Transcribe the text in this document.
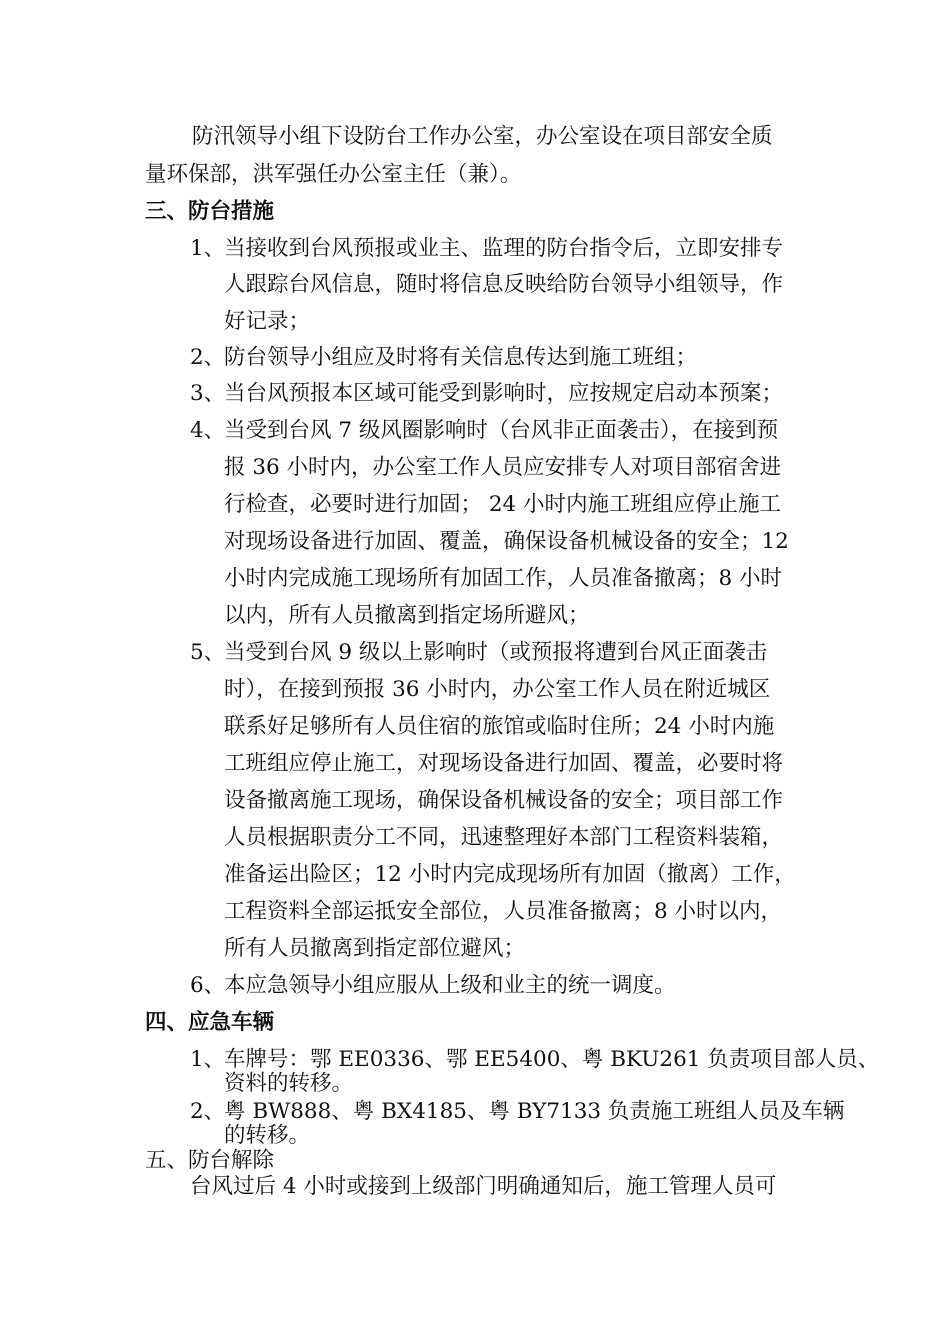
防汛领导小组下设防台工作办公室，办公室设在项目部安全质
量环保部，洪军强任办公室主任（兼）。
三、防台措施
1、
当接收到台风预报或业主、监理的防台指令后，立即安排专
人跟踪台风信息，随时将信息反映给防台领导小组领导，作
好记录；
2、
防台领导小组应及时将有关信息传达到施工班组；
3、
当台风预报本区域可能受到影响时，应按规定启动本预案；
4、
当受到台风 7 级风圈影响时（台风非正面袭击），在接到预
报 36 小时内，办公室工作人员应安排专人对项目部宿舍进
行检查，必要时进行加固； 24 小时内施工班组应停止施工
对现场设备进行加固、覆盖，确保设备机械设备的安全；12
小时内完成施工现场所有加固工作，人员准备撤离；8 小时
以内，所有人员撤离到指定场所避风；
5、
当受到台风 9 级以上影响时（或预报将遭到台风正面袭击
时），在接到预报 36 小时内，办公室工作人员在附近城区
联系好足够所有人员住宿的旅馆或临时住所；24 小时内施
工班组应停止施工，对现场设备进行加固、覆盖，必要时将
设备撤离施工现场，确保设备机械设备的安全；项目部工作
人员根据职责分工不同，迅速整理好本部门工程资料装箱，
准备运出险区；12 小时内完成现场所有加固（撤离）工作，
工程资料全部运抵安全部位，人员准备撤离；8 小时以内，
所有人员撤离到指定部位避风；
6、
本应急领导小组应服从上级和业主的统一调度。
四、应急车辆
1、
车牌号：鄂 EE0336、鄂 EE5400、粤 BKU261 负责项目部人员、
资料的转移。
2、
粤 BW888、粤 BX4185、粤 BY7133 负责施工班组人员及车辆
的转移。
五、防台解除
台风过后 4 小时或接到上级部门明确通知后，施工管理人员可
